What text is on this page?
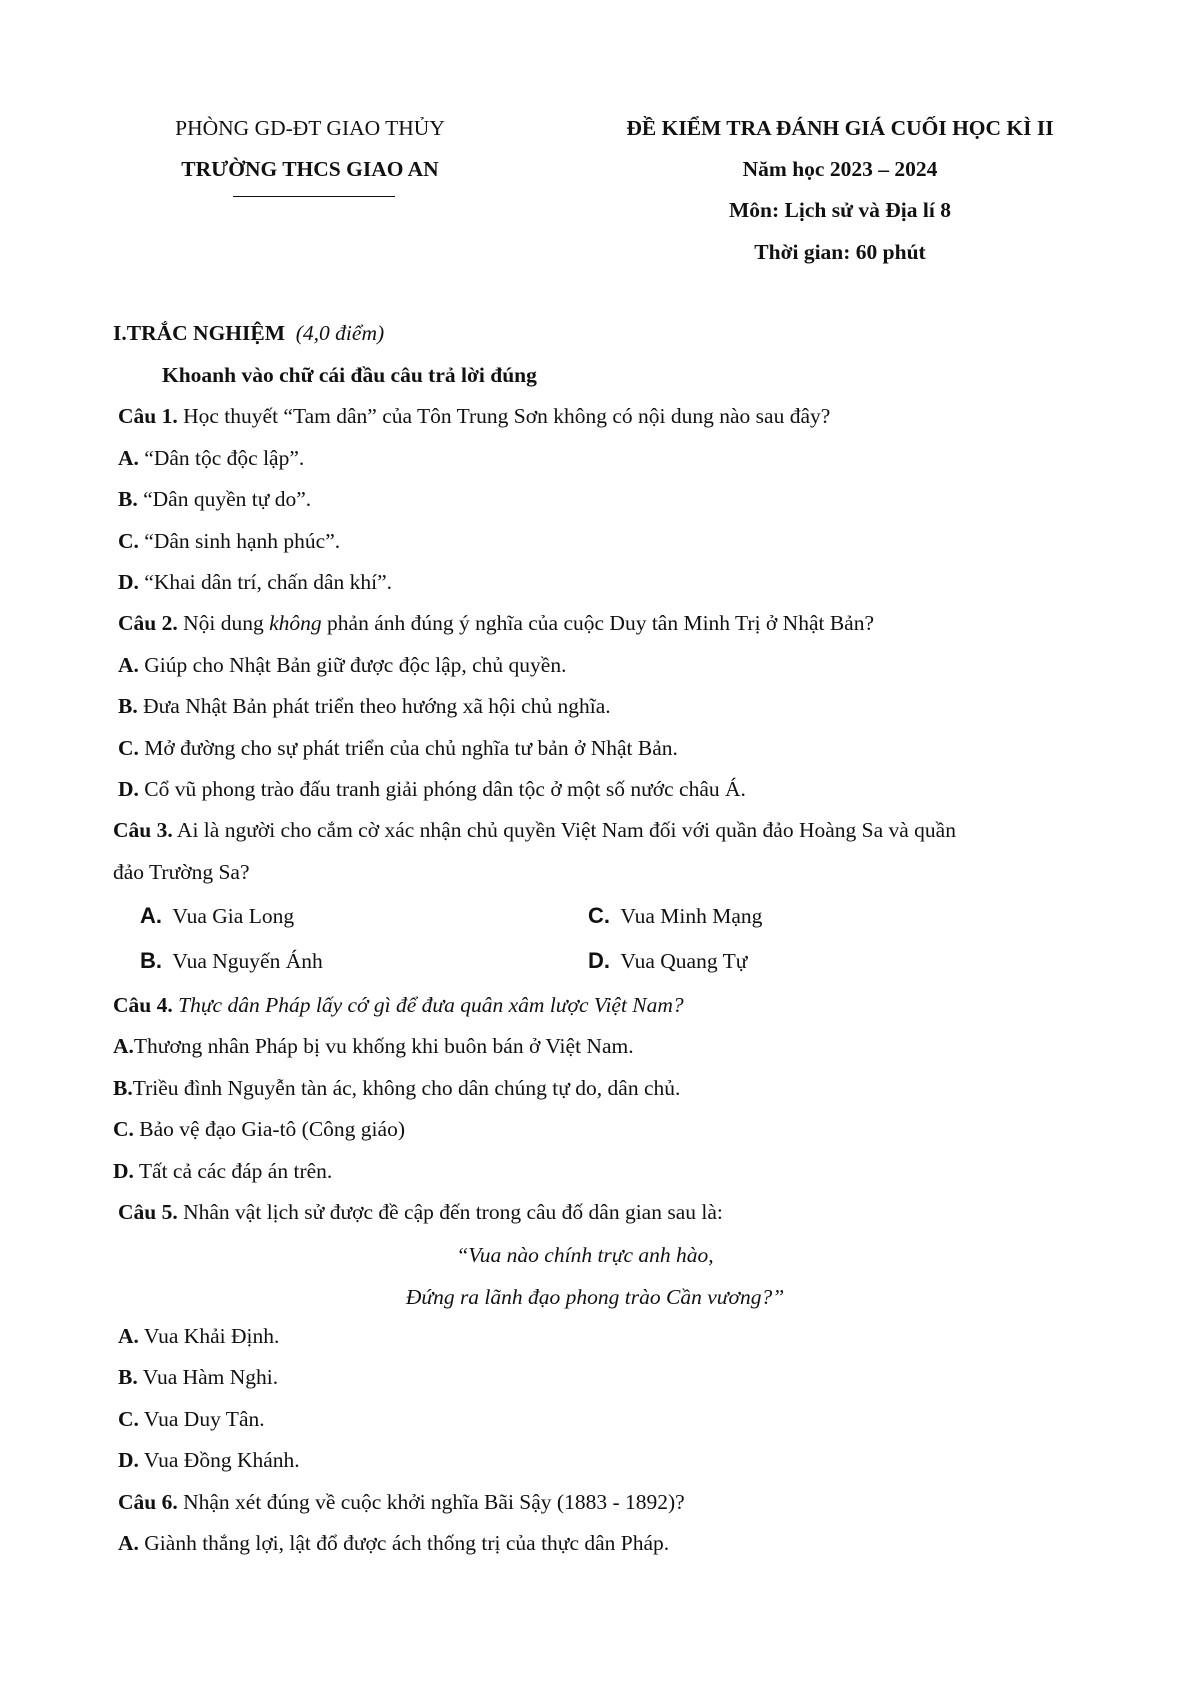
PHÒNG GD-ĐT GIAO THỦY
TRƯỜNG THCS GIAO AN
ĐỀ KIỂM TRA ĐÁNH GIÁ CUỐI HỌC KÌ II
Năm học 2023 – 2024
Môn: Lịch sử và Địa lí 8
Thời gian: 60 phút
I.TRẮC NGHIỆM (4,0 điểm)
Khoanh vào chữ cái đầu câu trả lời đúng
Câu 1. Học thuyết “Tam dân” của Tôn Trung Sơn không có nội dung nào sau đây?
A. “Dân tộc độc lập”.
B. “Dân quyền tự do”.
C. “Dân sinh hạnh phúc”.
D. “Khai dân trí, chấn dân khí”.
Câu 2. Nội dung không phản ánh đúng ý nghĩa của cuộc Duy tân Minh Trị ở Nhật Bản?
A. Giúp cho Nhật Bản giữ được độc lập, chủ quyền.
B. Đưa Nhật Bản phát triển theo hướng xã hội chủ nghĩa.
C. Mở đường cho sự phát triển của chủ nghĩa tư bản ở Nhật Bản.
D. Cổ vũ phong trào đấu tranh giải phóng dân tộc ở một số nước châu Á.
Câu 3. Ai là người cho cắm cờ xác nhận chủ quyền Việt Nam đối với quần đảo Hoàng Sa và quần
đảo Trường Sa?
A. Vua Gia Long	C. Vua Minh Mạng
B. Vua Nguyến Ánh	D. Vua Quang Tự
Câu 4. Thực dân Pháp lấy cớ gì để đưa quân xâm lược Việt Nam?
A.Thương nhân Pháp bị vu khống khi buôn bán ở Việt Nam.
B.Triều đình Nguyễn tàn ác, không cho dân chúng tự do, dân chủ.
C. Bảo vệ đạo Gia-tô (Công giáo)
D. Tất cả các đáp án trên.
Câu 5. Nhân vật lịch sử được đề cập đến trong câu đố dân gian sau là:
“Vua nào chính trực anh hào,
Đứng ra lãnh đạo phong trào Cần vương?”
A. Vua Khải Định.
B. Vua Hàm Nghi.
C. Vua Duy Tân.
D. Vua Đồng Khánh.
Câu 6. Nhận xét đúng về cuộc khởi nghĩa Bãi Sậy (1883 - 1892)?
A. Giành thắng lợi, lật đổ được ách thống trị của thực dân Pháp.
